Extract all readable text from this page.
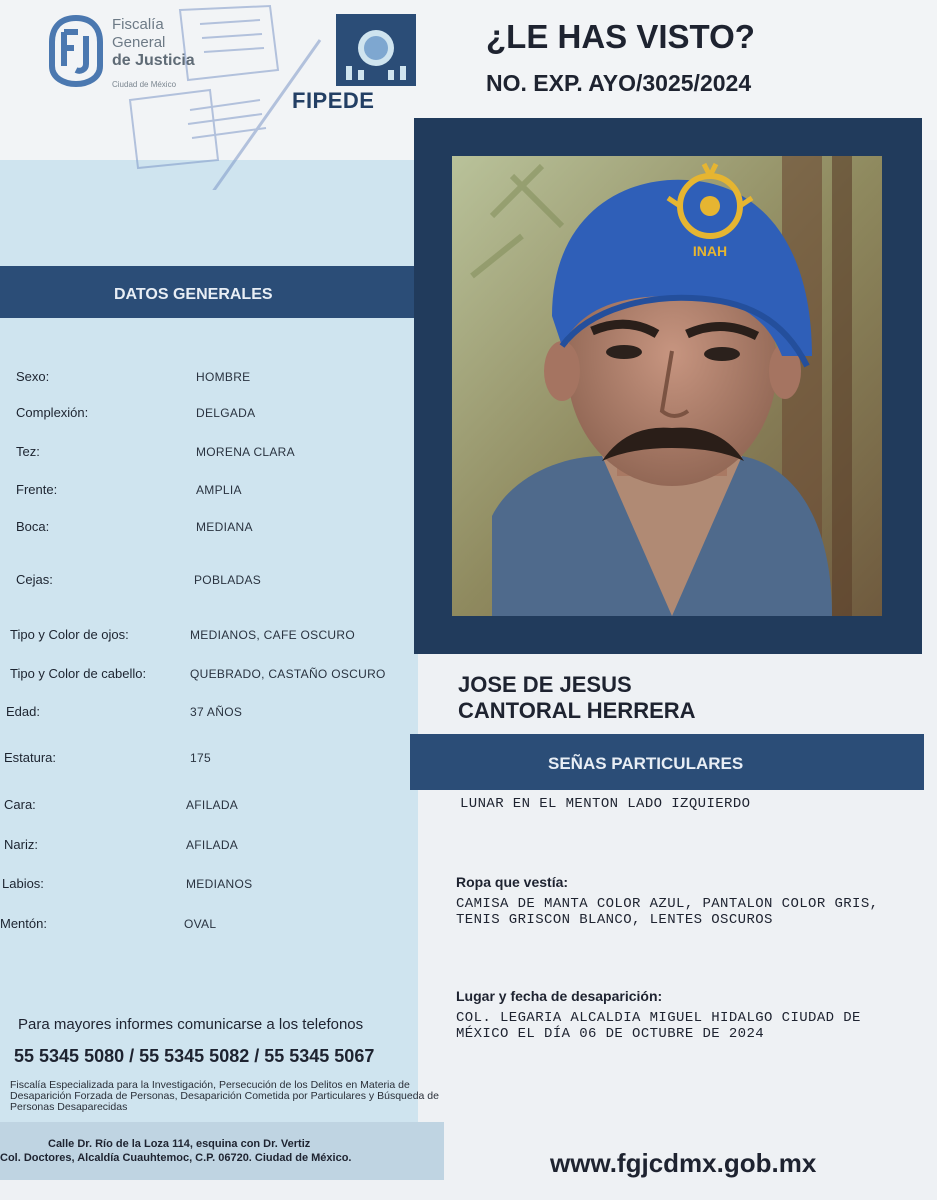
Fiscalía
General
de Justicia
Ciudad de México
FIPEDE
¿LE HAS VISTO?
NO. EXP. AYO/3025/2024
DATOS GENERALES
Sexo:	HOMBRE
Complexión:	DELGADA
Tez:	MORENA CLARA
Frente:	AMPLIA
Boca:	MEDIANA
Cejas:	POBLADAS
Tipo y Color de ojos:	MEDIANOS, CAFE OSCURO
Tipo y Color de cabello:	QUEBRADO, CASTAÑO OSCURO
Edad:	37 AÑOS
Estatura:	175
Cara:	AFILADA
Nariz:	AFILADA
Labios:	MEDIANOS
Mentón:	OVAL
INAH
JOSE DE JESUS
CANTORAL HERRERA
SEÑAS PARTICULARES
LUNAR EN EL MENTON LADO IZQUIERDO
Ropa que vestía:
CAMISA DE MANTA COLOR AZUL, PANTALON COLOR GRIS,
TENIS GRISCON BLANCO, LENTES OSCUROS
Lugar y fecha de desaparición:
COL. LEGARIA ALCALDIA MIGUEL HIDALGO CIUDAD DE
MÉXICO EL DÍA 06 DE OCTUBRE DE 2024
Para mayores informes comunicarse a los telefonos
55 5345 5080 / 55 5345 5082 / 55 5345 5067
Fiscalía Especializada para la Investigación, Persecución de los Delitos en Materia de Desaparición Forzada de Personas, Desaparición Cometida por Particulares y Búsqueda de Personas Desaparecidas
Calle Dr. Río de la Loza 114, esquina con Dr. Vertiz
Col. Doctores, Alcaldía Cuauhtemoc, C.P. 06720. Ciudad de México.	www.fgjcdmx.gob.mx
